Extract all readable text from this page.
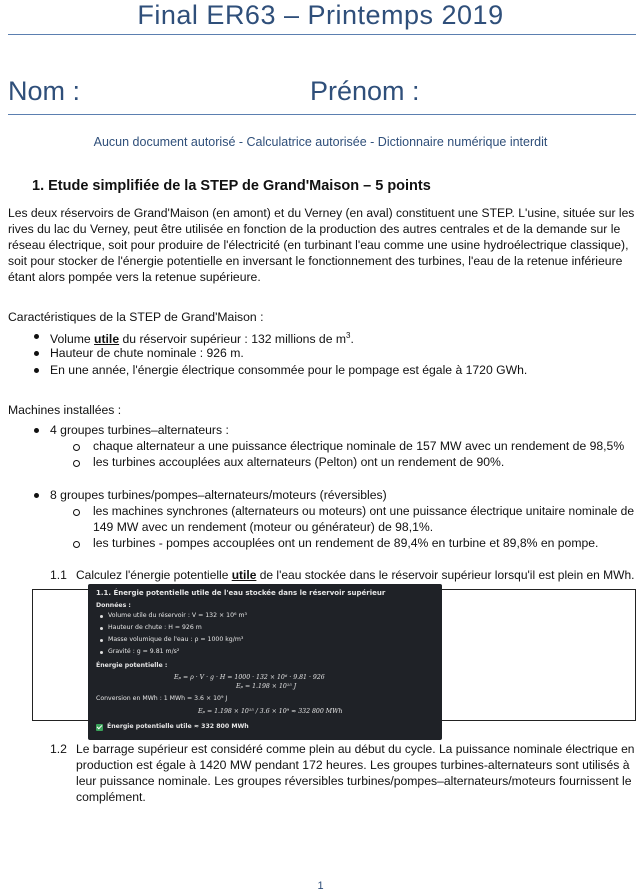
Final ER63 – Printemps 2019
Nom :	Prénom :
Aucun document autorisé - Calculatrice autorisée - Dictionnaire numérique interdit
1. Etude simplifiée de la STEP de Grand'Maison – 5 points
Les deux réservoirs de Grand'Maison (en amont) et du Verney (en aval) constituent une STEP. L'usine, située sur les
rives du lac du Verney, peut être utilisée en fonction de la production des autres centrales et de la demande sur le
réseau électrique, soit pour produire de l'électricité (en turbinant l'eau comme une usine hydroélectrique classique),
soit pour stocker de l'énergie potentielle en inversant le fonctionnement des turbines, l'eau de la retenue inférieure
étant alors pompée vers la retenue supérieure.
Caractéristiques de la STEP de Grand'Maison :
Volume utile du réservoir supérieur : 132 millions de $m^3$.
Hauteur de chute nominale : 926 m.
En une année, l'énergie électrique consommée pour le pompage est égale à 1720 GWh.
Machines installées :
4 groupes turbines–alternateurs :
chaque alternateur a une puissance électrique nominale de 157 MW avec un rendement de 98,5%
les turbines accouplées aux alternateurs (Pelton) ont un rendement de 90%.
8 groupes turbines/pompes–alternateurs/moteurs (réversibles)
les machines synchrones (alternateurs ou moteurs) ont une puissance électrique unitaire nominale de
149 MW avec un rendement (moteur ou générateur) de 98,1%.
les turbines - pompes accouplées ont un rendement de 89,4% en turbine et 89,8% en pompe.
1.1 Calculez l'énergie potentielle utile de l'eau stockée dans le réservoir supérieur lorsqu'il est plein en MWh.
1.1. Énergie potentielle utile de l'eau stockée dans le réservoir supérieur
Données :
Volume utile du réservoir : V = 132 × 10⁶ m³
Hauteur de chute : H = 926 m
Masse volumique de l'eau : ρ = 1000 kg/m³
Gravité : g = 9.81 m/s²
Énergie potentielle :
Eₚ = ρ · V · g · H = 1000 · 132 × 10⁶ · 9.81 · 926
Eₚ = 1.198 × 10¹⁵ J
Conversion en MWh : 1 MWh = 3.6 × 10⁹ J
Eₚ = 1.198 × 10¹⁵ / 3.6 × 10⁹ ≈ 332 800 MWh
Énergie potentielle utile ≈ 332 800 MWh
1.2 Le barrage supérieur est considéré comme plein au début du cycle. La puissance nominale électrique en
production est égale à 1420 MW pendant 172 heures. Les groupes turbines-alternateurs sont utilisés à
leur puissance nominale. Les groupes réversibles turbines/pompes–alternateurs/moteurs fournissent le
complément.
1
